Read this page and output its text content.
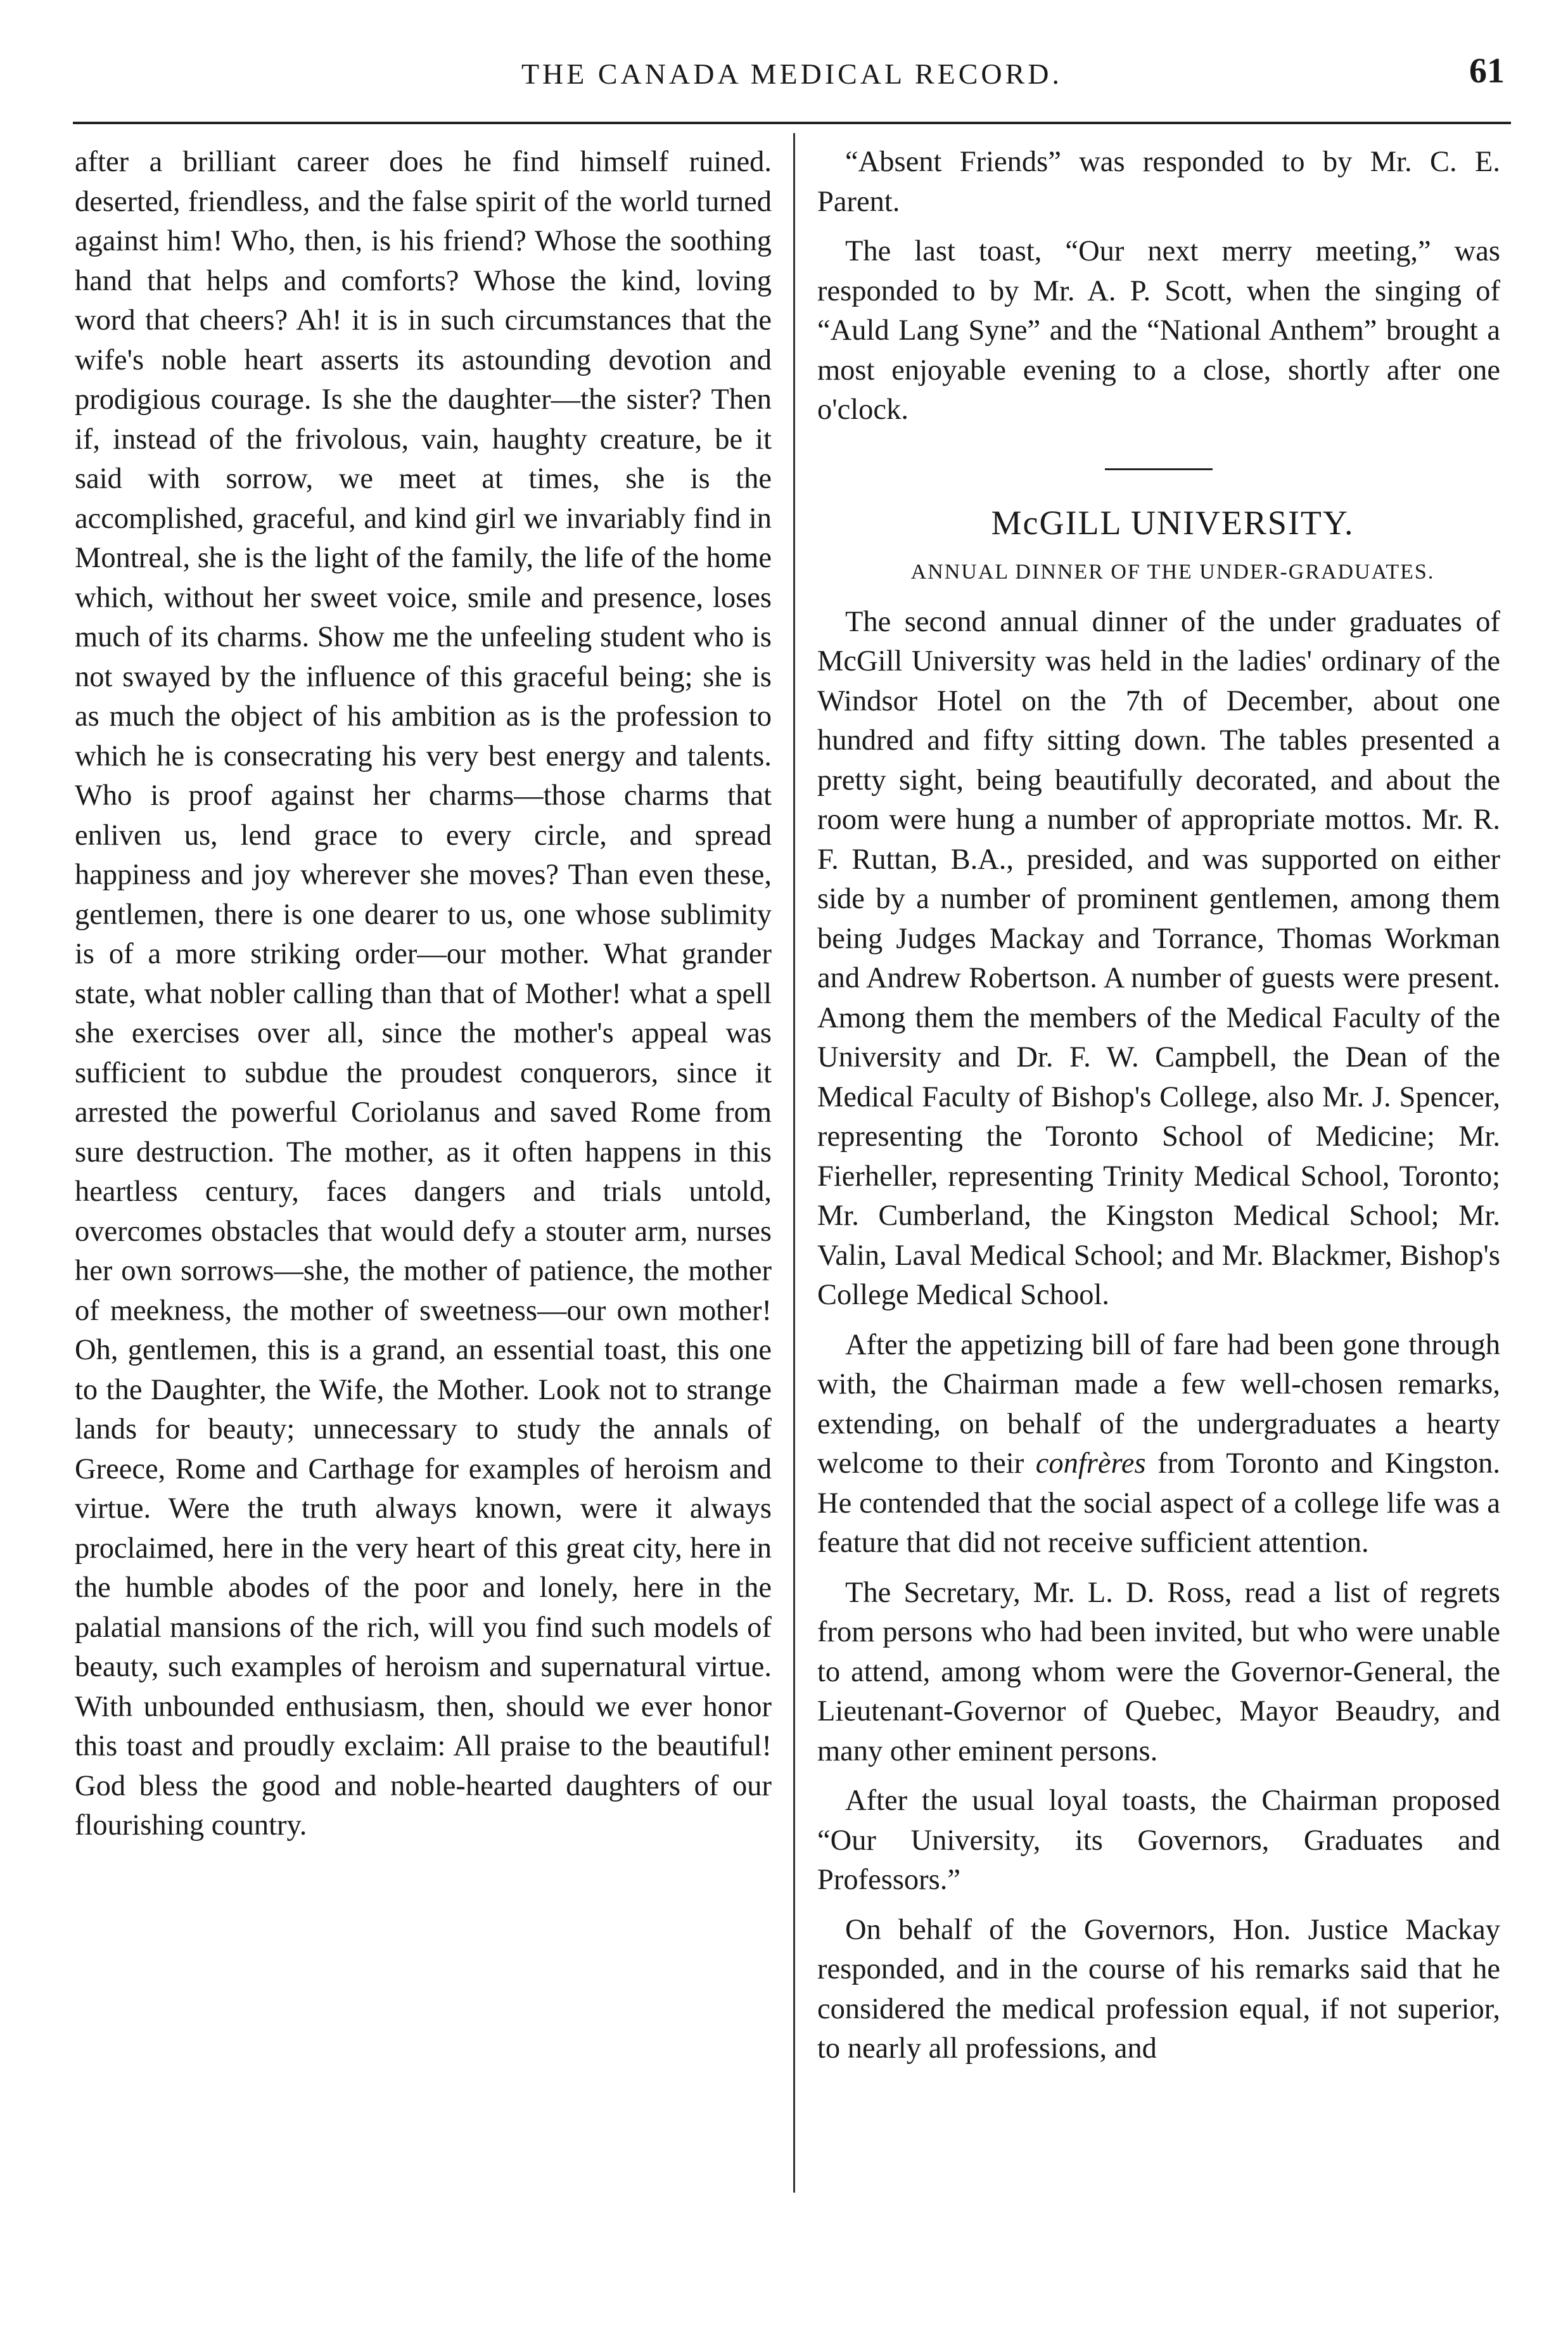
THE CANADA MEDICAL RECORD.	61

after a brilliant career does he find himself ruined. deserted, friendless, and the false spirit of the world turned against him! Who, then, is his friend? Whose the soothing hand that helps and comforts? Whose the kind, loving word that cheers? Ah! it is in such circumstances that the wife's noble heart asserts its astounding devotion and prodigious courage. Is she the daughter—the sister? Then if, instead of the frivolous, vain, haughty creature, be it said with sorrow, we meet at times, she is the accomplished, graceful, and kind girl we invariably find in Montreal, she is the light of the family, the life of the home which, without her sweet voice, smile and presence, loses much of its charms. Show me the unfeeling student who is not swayed by the influence of this graceful being; she is as much the object of his ambition as is the profession to which he is consecrating his very best energy and talents. Who is proof against her charms—those charms that enliven us, lend grace to every circle, and spread happiness and joy wherever she moves? Than even these, gentlemen, there is one dearer to us, one whose sublimity is of a more striking order—our mother. What grander state, what nobler calling than that of Mother! what a spell she exercises over all, since the mother's appeal was sufficient to subdue the proudest conquerors, since it arrested the powerful Coriolanus and saved Rome from sure destruction. The mother, as it often happens in this heartless century, faces dangers and trials untold, overcomes obstacles that would defy a stouter arm, nurses her own sorrows—she, the mother of patience, the mother of meekness, the mother of sweetness—our own mother! Oh, gentlemen, this is a grand, an essential toast, this one to the Daughter, the Wife, the Mother. Look not to strange lands for beauty; unnecessary to study the annals of Greece, Rome and Carthage for examples of heroism and virtue. Were the truth always known, were it always proclaimed, here in the very heart of this great city, here in the humble abodes of the poor and lonely, here in the palatial mansions of the rich, will you find such models of beauty, such examples of heroism and supernatural virtue. With unbounded enthusiasm, then, should we ever honor this toast and proudly exclaim: All praise to the beautiful! God bless the good and noble-hearted daughters of our flourishing country.

“Absent Friends” was responded to by Mr. C. E. Parent.

The last toast, “Our next merry meeting,” was responded to by Mr. A. P. Scott, when the singing of “Auld Lang Syne” and the “National Anthem” brought a most enjoyable evening to a close, shortly after one o'clock.

McGILL UNIVERSITY.

ANNUAL DINNER OF THE UNDER-GRADUATES.

The second annual dinner of the under graduates of McGill University was held in the ladies' ordinary of the Windsor Hotel on the 7th of December, about one hundred and fifty sitting down. The tables presented a pretty sight, being beautifully decorated, and about the room were hung a number of appropriate mottos. Mr. R. F. Ruttan, B.A., presided, and was supported on either side by a number of prominent gentlemen, among them being Judges Mackay and Torrance, Thomas Workman and Andrew Robertson. A number of guests were present. Among them the members of the Medical Faculty of the University and Dr. F. W. Campbell, the Dean of the Medical Faculty of Bishop's College, also Mr. J. Spencer, representing the Toronto School of Medicine; Mr. Fierheller, representing Trinity Medical School, Toronto; Mr. Cumberland, the Kingston Medical School; Mr. Valin, Laval Medical School; and Mr. Blackmer, Bishop's College Medical School.

After the appetizing bill of fare had been gone through with, the Chairman made a few well-chosen remarks, extending, on behalf of the undergraduates a hearty welcome to their confrères from Toronto and Kingston. He contended that the social aspect of a college life was a feature that did not receive sufficient attention.

The Secretary, Mr. L. D. Ross, read a list of regrets from persons who had been invited, but who were unable to attend, among whom were the Governor-General, the Lieutenant-Governor of Quebec, Mayor Beaudry, and many other eminent persons.

After the usual loyal toasts, the Chairman proposed “Our University, its Governors, Graduates and Professors.”

On behalf of the Governors, Hon. Justice Mackay responded, and in the course of his remarks said that he considered the medical profession equal, if not superior, to nearly all professions, and
